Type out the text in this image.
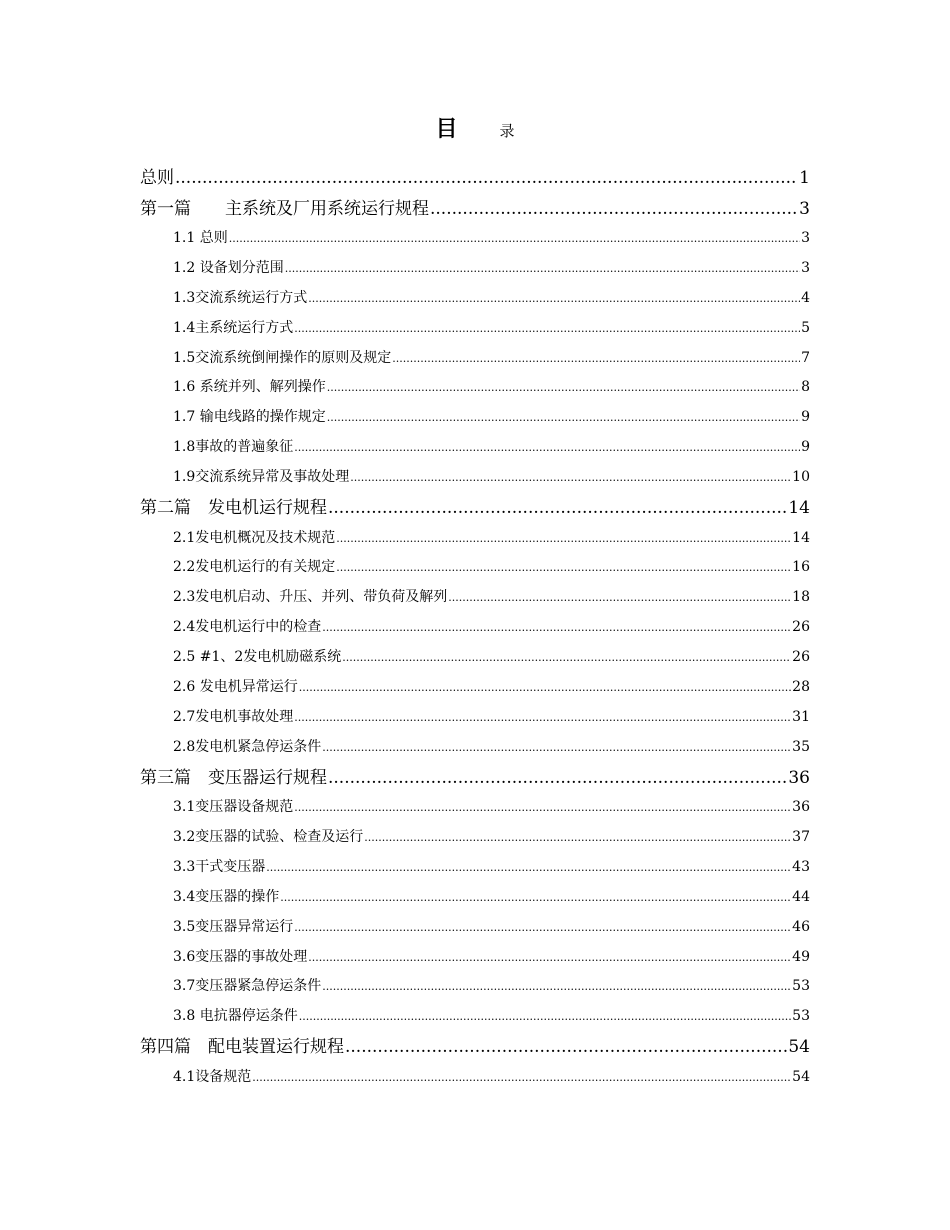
目	录
总则 .....	1
第一篇　　主系统及厂用系统运行规程 .....	3
1.1 总则 .....	3
1.2 设备划分范围 .....	3
1.3交流系统运行方式 .....	4
1.4主系统运行方式 .....	5
1.5交流系统倒闸操作的原则及规定 .....	7
1.6 系统并列、解列操作 .....	8
1.7 输电线路的操作规定 .....	9
1.8事故的普遍象征 .....	9
1.9交流系统异常及事故处理 .....	10
第二篇　发电机运行规程 .....	14
2.1发电机概况及技术规范 .....	14
2.2发电机运行的有关规定 .....	16
2.3发电机启动、升压、并列、带负荷及解列 .....	18
2.4发电机运行中的检查 .....	26
2.5 #1、2发电机励磁系统 .....	26
2.6 发电机异常运行 .....	28
2.7发电机事故处理 .....	31
2.8发电机紧急停运条件 .....	35
第三篇　变压器运行规程 .....	36
3.1变压器设备规范 .....	36
3.2变压器的试验、检查及运行 .....	37
3.3干式变压器 .....	43
3.4变压器的操作 .....	44
3.5变压器异常运行 .....	46
3.6变压器的事故处理 .....	49
3.7变压器紧急停运条件 .....	53
3.8 电抗器停运条件 .....	53
第四篇　配电装置运行规程 .....	54
4.1设备规范 .....	54
